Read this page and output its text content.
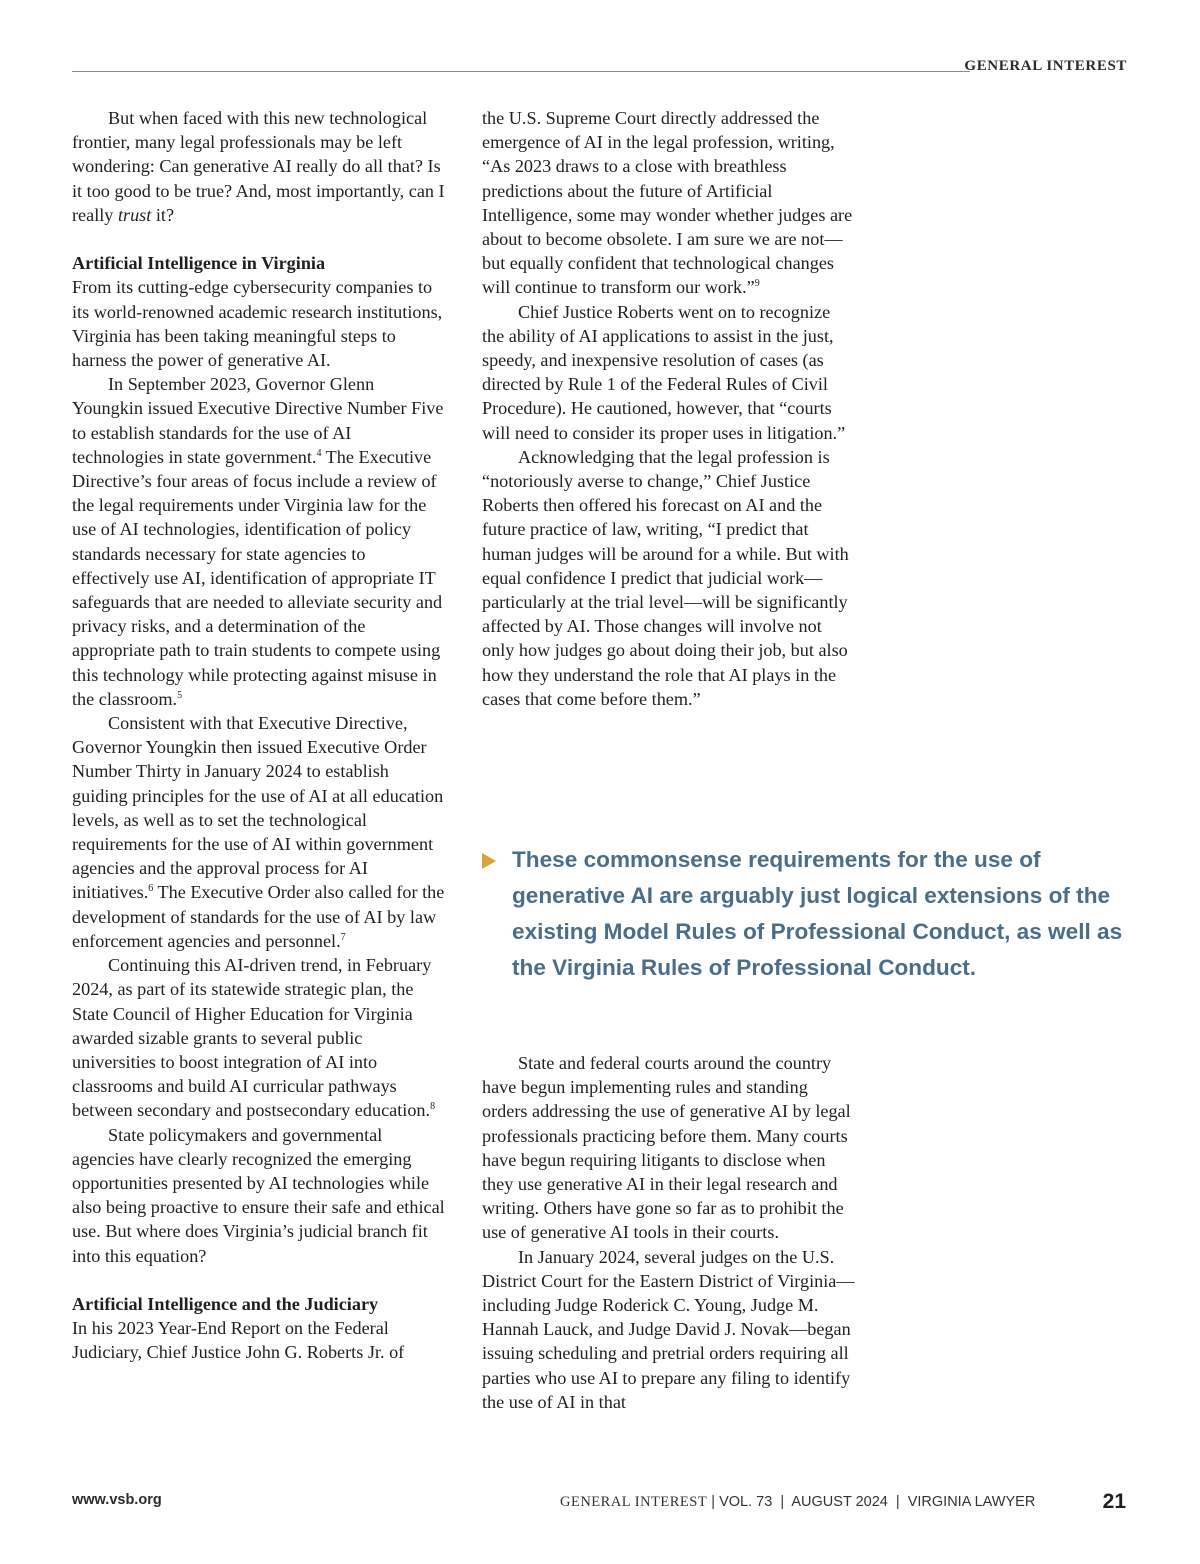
GENERAL INTEREST

But when faced with this new technological frontier, many legal professionals may be left wondering: Can generative AI really do all that? Is it too good to be true? And, most importantly, can I really trust it?

Artificial Intelligence in Virginia

From its cutting-edge cybersecurity companies to its world-renowned academic research institutions, Virginia has been taking meaningful steps to harness the power of generative AI.

In September 2023, Governor Glenn Youngkin issued Executive Directive Number Five to establish standards for the use of AI technologies in state government.$^4$ The Executive Directive’s four areas of focus include a review of the legal requirements under Virginia law for the use of AI technologies, identification of policy standards necessary for state agencies to effectively use AI, identification of appropriate IT safeguards that are needed to alleviate security and privacy risks, and a determination of the appropriate path to train students to compete using this technology while protecting against misuse in the classroom.$^5$

Consistent with that Executive Directive, Governor Youngkin then issued Executive Order Number Thirty in January 2024 to establish guiding principles for the use of AI at all education levels, as well as to set the technological requirements for the use of AI within government agencies and the approval process for AI initiatives.$^6$ The Executive Order also called for the development of standards for the use of AI by law enforcement agencies and personnel.$^7$

Continuing this AI-driven trend, in February 2024, as part of its statewide strategic plan, the State Council of Higher Education for Virginia awarded sizable grants to several public universities to boost integration of AI into classrooms and build AI curricular pathways between secondary and postsecondary education.$^8$

State policymakers and governmental agencies have clearly recognized the emerging opportunities presented by AI technologies while also being proactive to ensure their safe and ethical use. But where does Virginia’s judicial branch fit into this equation?

Artificial Intelligence and the Judiciary

In his 2023 Year-End Report on the Federal Judiciary, Chief Justice John G. Roberts Jr. of

the U.S. Supreme Court directly addressed the emergence of AI in the legal profession, writing, “As 2023 draws to a close with breathless predictions about the future of Artificial Intelligence, some may wonder whether judges are about to become obsolete. I am sure we are not—but equally confident that technological changes will continue to transform our work.”$^9$

Chief Justice Roberts went on to recognize the ability of AI applications to assist in the just, speedy, and inexpensive resolution of cases (as directed by Rule 1 of the Federal Rules of Civil Procedure). He cautioned, however, that “courts will need to consider its proper uses in litigation.”

Acknowledging that the legal profession is “notoriously averse to change,” Chief Justice Roberts then offered his forecast on AI and the future practice of law, writing, “I predict that human judges will be around for a while. But with equal confidence I predict that judicial work—particularly at the trial level—will be significantly affected by AI. Those changes will involve not only how judges go about doing their job, but also how they understand the role that AI plays in the cases that come before them.”

These commonsense requirements for the use of generative AI are arguably just logical extensions of the existing Model Rules of Professional Conduct, as well as the Virginia Rules of Professional Conduct.

State and federal courts around the country have begun implementing rules and standing orders addressing the use of generative AI by legal professionals practicing before them. Many courts have begun requiring litigants to disclose when they use generative AI in their legal research and writing. Others have gone so far as to prohibit the use of generative AI tools in their courts.

In January 2024, several judges on the U.S. District Court for the Eastern District of Virginia—including Judge Roderick C. Young, Judge M. Hannah Lauck, and Judge David J. Novak—began issuing scheduling and pretrial orders requiring all parties who use AI to prepare any filing to identify the use of AI in that

www.vsb.org	GENERAL INTEREST | VOL. 73 | AUGUST 2024 | VIRGINIA LAWYER	21
